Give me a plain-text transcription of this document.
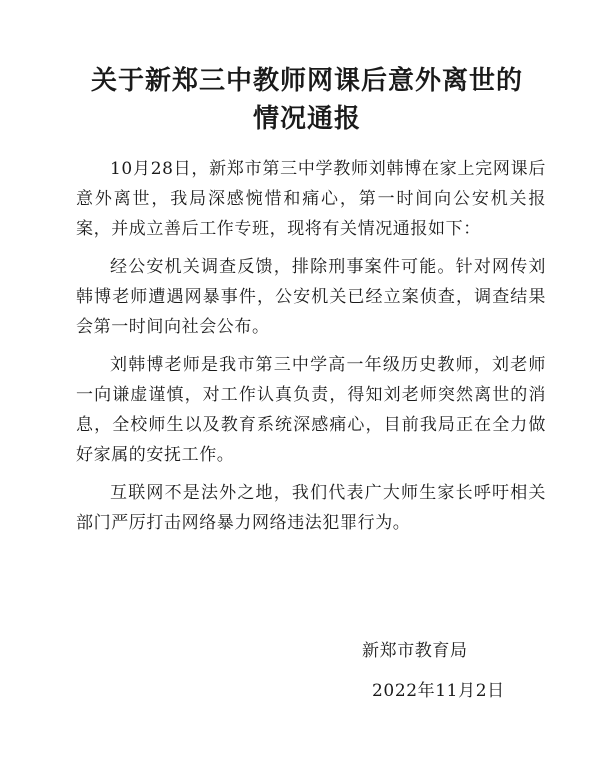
关于新郑三中教师网课后意外离世的
情况通报

10月28日，新郑市第三中学教师刘韩博在家上完网课后意外离世，我局深感惋惜和痛心，第一时间向公安机关报案，并成立善后工作专班，现将有关情况通报如下：

经公安机关调查反馈，排除刑事案件可能。针对网传刘韩博老师遭遇网暴事件，公安机关已经立案侦查，调查结果会第一时间向社会公布。

刘韩博老师是我市第三中学高一年级历史教师，刘老师一向谦虚谨慎，对工作认真负责，得知刘老师突然离世的消息，全校师生以及教育系统深感痛心，目前我局正在全力做好家属的安抚工作。

互联网不是法外之地，我们代表广大师生家长呼吁相关部门严厉打击网络暴力网络违法犯罪行为。

新郑市教育局
2022年11月2日
